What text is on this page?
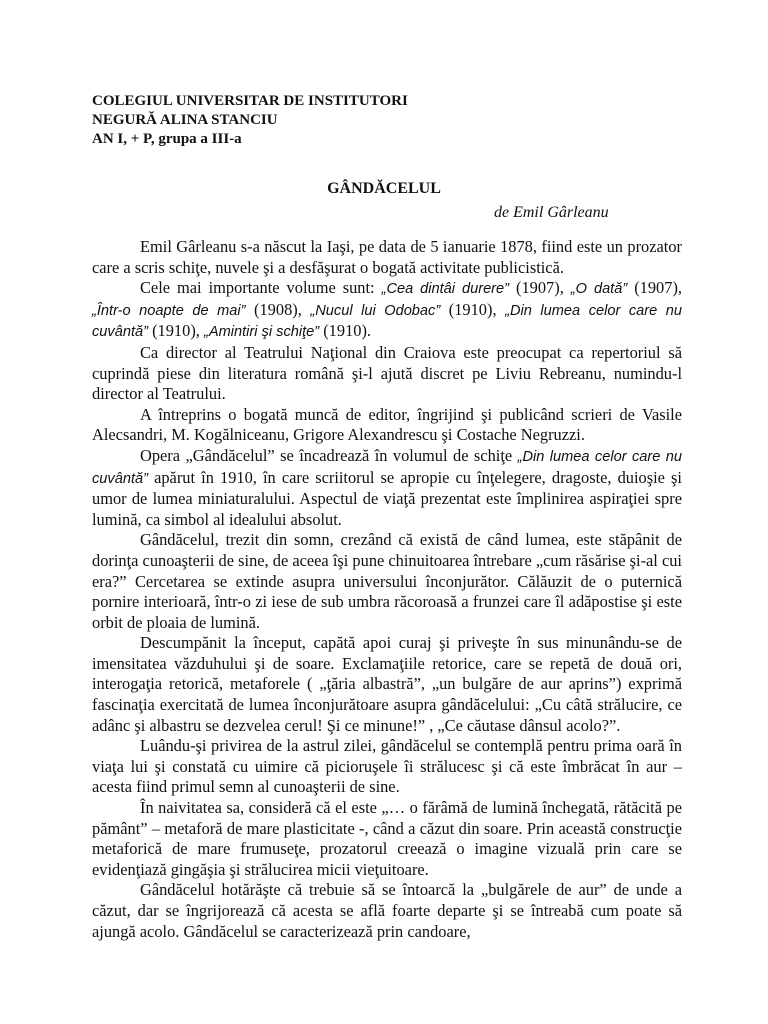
COLEGIUL UNIVERSITAR DE INSTITUTORI
NEGURĂ ALINA STANCIU
AN I, + P, grupa a III-a
GÂNDĂCELUL
de Emil Gârleanu

Emil Gârleanu s-a născut la Iaşi, pe data de 5 ianuarie 1878, fiind este un prozator care a scris schiţe, nuvele şi a desfăşurat o bogată activitate publicistică.

Cele mai importante volume sunt: „Cea dintâi durere” (1907), „O dată” (1907), „Într-o noapte de mai” (1908), „Nucul lui Odobac” (1910), „Din lumea celor care nu cuvântă” (1910), „Amintiri şi schiţe” (1910).

Ca director al Teatrului Naţional din Craiova este preocupat ca repertoriul să cuprindă piese din literatura română şi-l ajută discret pe Liviu Rebreanu, numindu-l director al Teatrului.

A întreprins o bogată muncă de editor, îngrijind şi publicând scrieri de Vasile Alecsandri, M. Kogălniceanu, Grigore Alexandrescu şi Costache Negruzzi.

Opera „Gândăcelul” se încadrează în volumul de schiţe „Din lumea celor care nu cuvântă” apărut în 1910, în care scriitorul se apropie cu înţelegere, dragoste, duioşie şi umor de lumea miniaturalului. Aspectul de viaţă prezentat este împlinirea aspiraţiei spre lumină, ca simbol al idealului absolut.

Gândăcelul, trezit din somn, crezând că există de când lumea, este stăpânit de dorinţa cunoaşterii de sine, de aceea îşi pune chinuitoarea întrebare „cum răsărise şi-al cui era?” Cercetarea se extinde asupra universului înconjurător. Călăuzit de o puternică pornire interioară, într-o zi iese de sub umbra răcoroasă a frunzei care îl adăpostise şi este orbit de ploaia de lumină.

Descumpănit la început, capătă apoi curaj şi priveşte în sus minunându-se de imensitatea văzduhului şi de soare. Exclamaţiile retorice, care se repetă de două ori, interogaţia retorică, metaforele ( „ţăria albastră”, „un bulgăre de aur aprins”) exprimă fascinaţia exercitată de lumea înconjurătoare asupra gândăcelului: „Cu câtă strălucire, ce adânc şi albastru se dezvelea cerul! Şi ce minune!” , „Ce căutase dânsul acolo?”.

Luându-şi privirea de la astrul zilei, gândăcelul se contemplă pentru prima oară în viaţa lui şi constată cu uimire că picioruşele îi strălucesc şi că este îmbrăcat în aur – acesta fiind primul semn al cunoaşterii de sine.

În naivitatea sa, consideră că el este „… o fărâmă de lumină închegată, rătăcită pe pământ” – metaforă de mare plasticitate -, când a căzut din soare. Prin această construcţie metaforică de mare frumuseţe, prozatorul creează o imagine vizuală prin care se evidenţiază gingăşia şi strălucirea micii vieţuitoare.

Gândăcelul hotărăşte că trebuie să se întoarcă la „bulgărele de aur” de unde a căzut, dar se îngrijorează că acesta se află foarte departe şi se întreabă cum poate să ajungă acolo. Gândăcelul se caracterizează prin candoare,
